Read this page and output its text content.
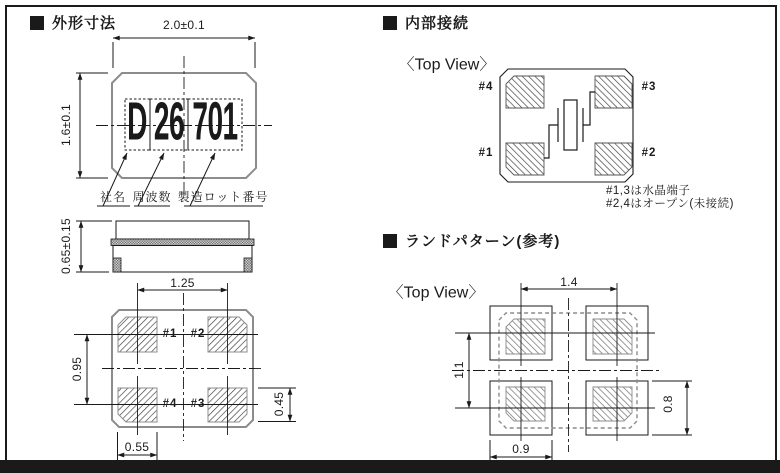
外形寸法	内部接続
ランドパターン(参考)
2.0±0.1
1.6±0.1
0.65±0.15
D 26 701
社名 周波数 製造ロット番号
1.25
0.95
0.45
0.55
#1 #2
#4 #3
〈Top View〉
#4	#3
#1	#2
#1,3は水晶端子
#2,4はオープン(未接続)
〈Top View〉
1.4
1.1
0.8
0.9
